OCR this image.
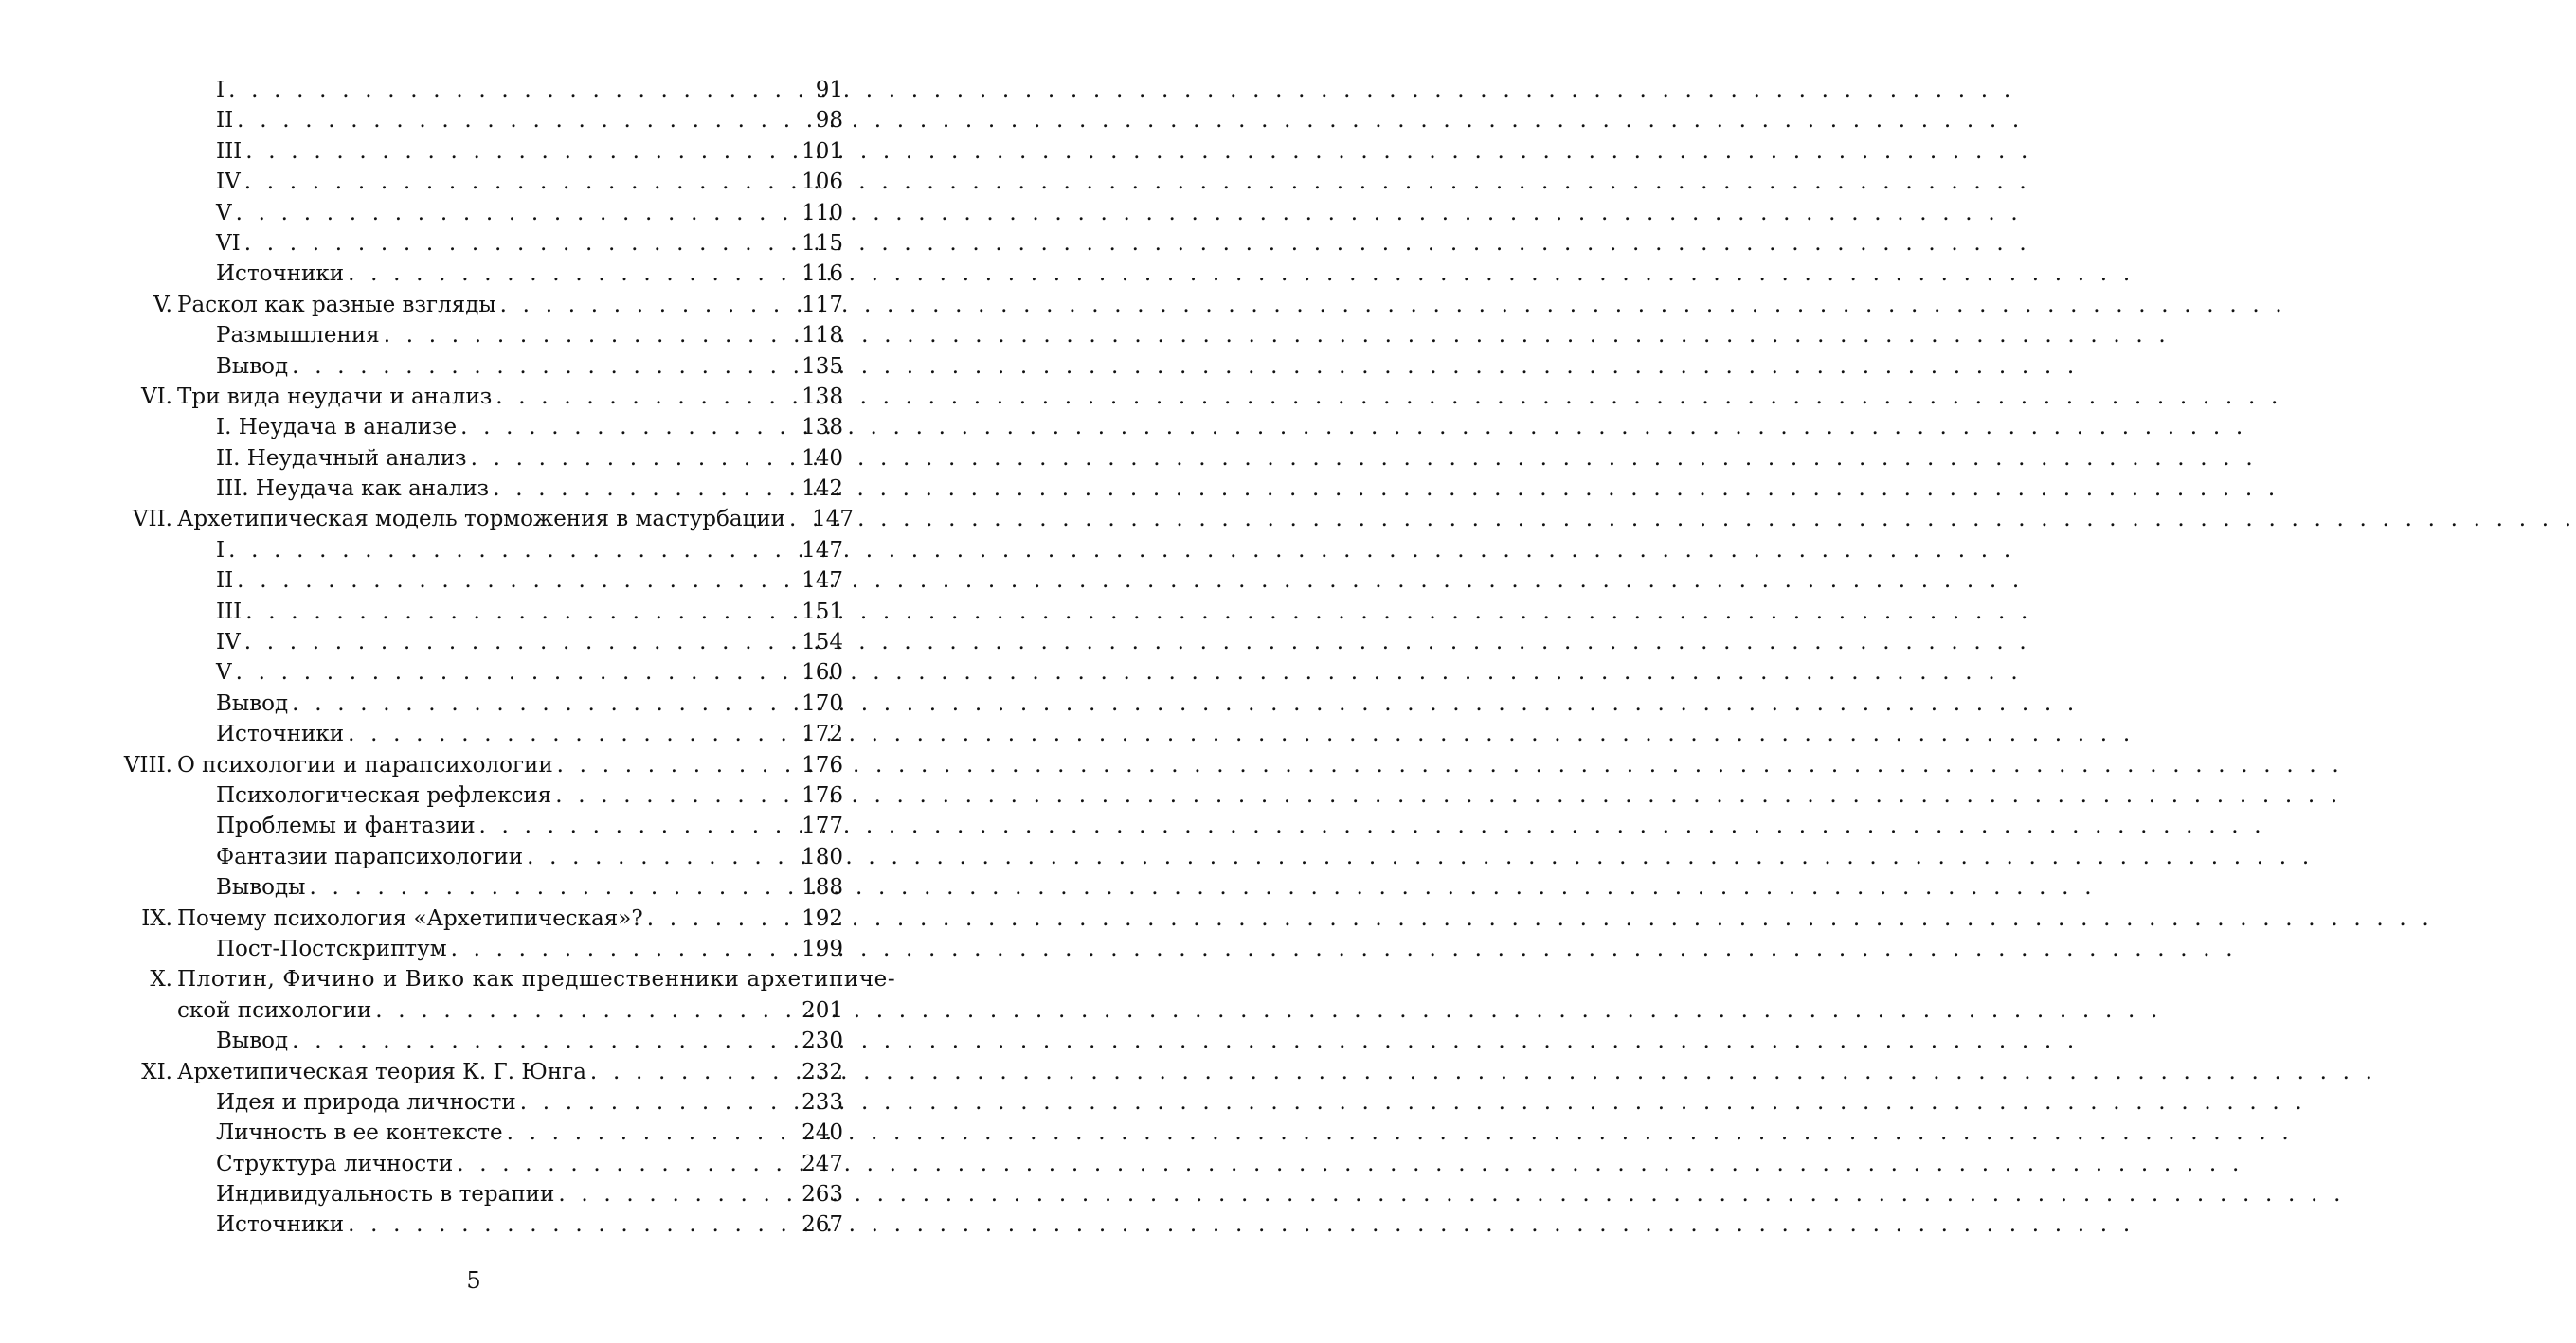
I . . .	91
II . . .	98
III . . .	101
IV . . .	106
V . . .	110
VI . . .	115
Источники . . .	116
V. Раскол как разные взгляды . . .	117
Размышления . . .	118
Вывод . . .	135
VI. Три вида неудачи и анализ . . .	138
I. Неудача в анализе . . .	138
II. Неудачный анализ . . .	140
III. Неудача как анализ . . .	142
VII. Архетипическая модель торможения в мастурбации . . . 147
I . . .	147
II . . .	147
III . . .	151
IV . . .	154
V . . .	160
Вывод . . .	170
Источники . . .	172
VIII. О психологии и парапсихологии . . .	176
Психологическая рефлексия . . .	176
Проблемы и фантазии . . .	177
Фантазии парапсихологии . . .	180
Выводы . . .	188
IX. Почему психология «Архетипическая»? . . .	192
Пост-Постскриптум . . .	199
X. Плотин, Фичино и Вико как предшественники архетипиче-
ской психологии . . .	201
Вывод . . .	230
XI. Архетипическая теория К. Г. Юнга . . .	232
Идея и природа личности . . .	233
Личность в ее контексте . . .	240
Структура личности . . .	247
Индивидуальность в терапии . . .	263
Источники . . .	267
5
